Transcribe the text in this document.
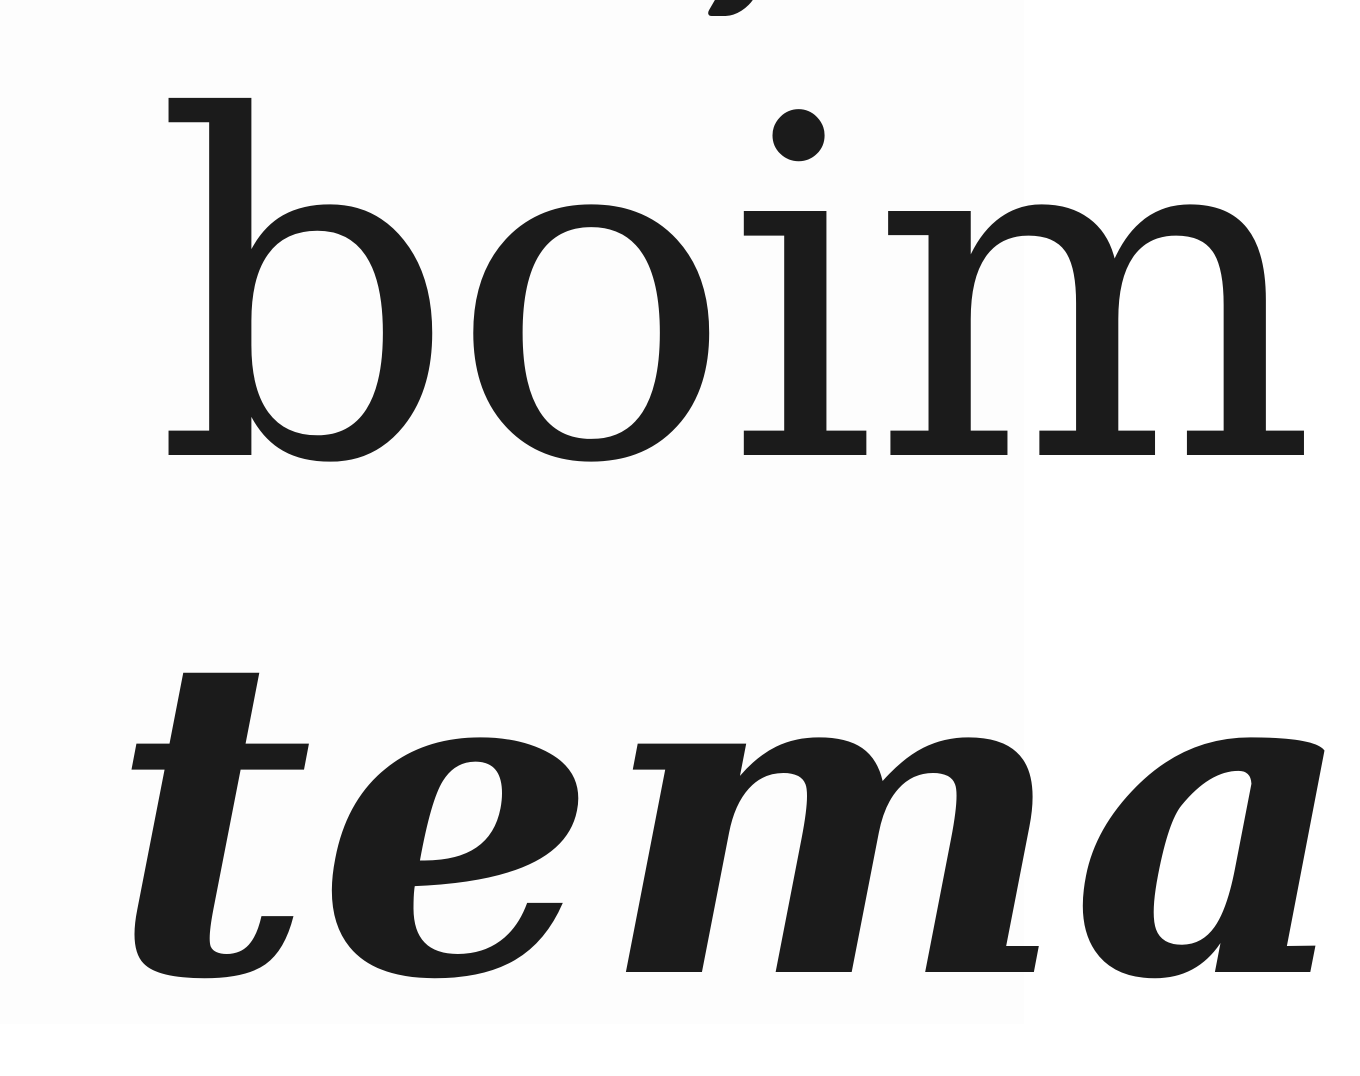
boim
tema
